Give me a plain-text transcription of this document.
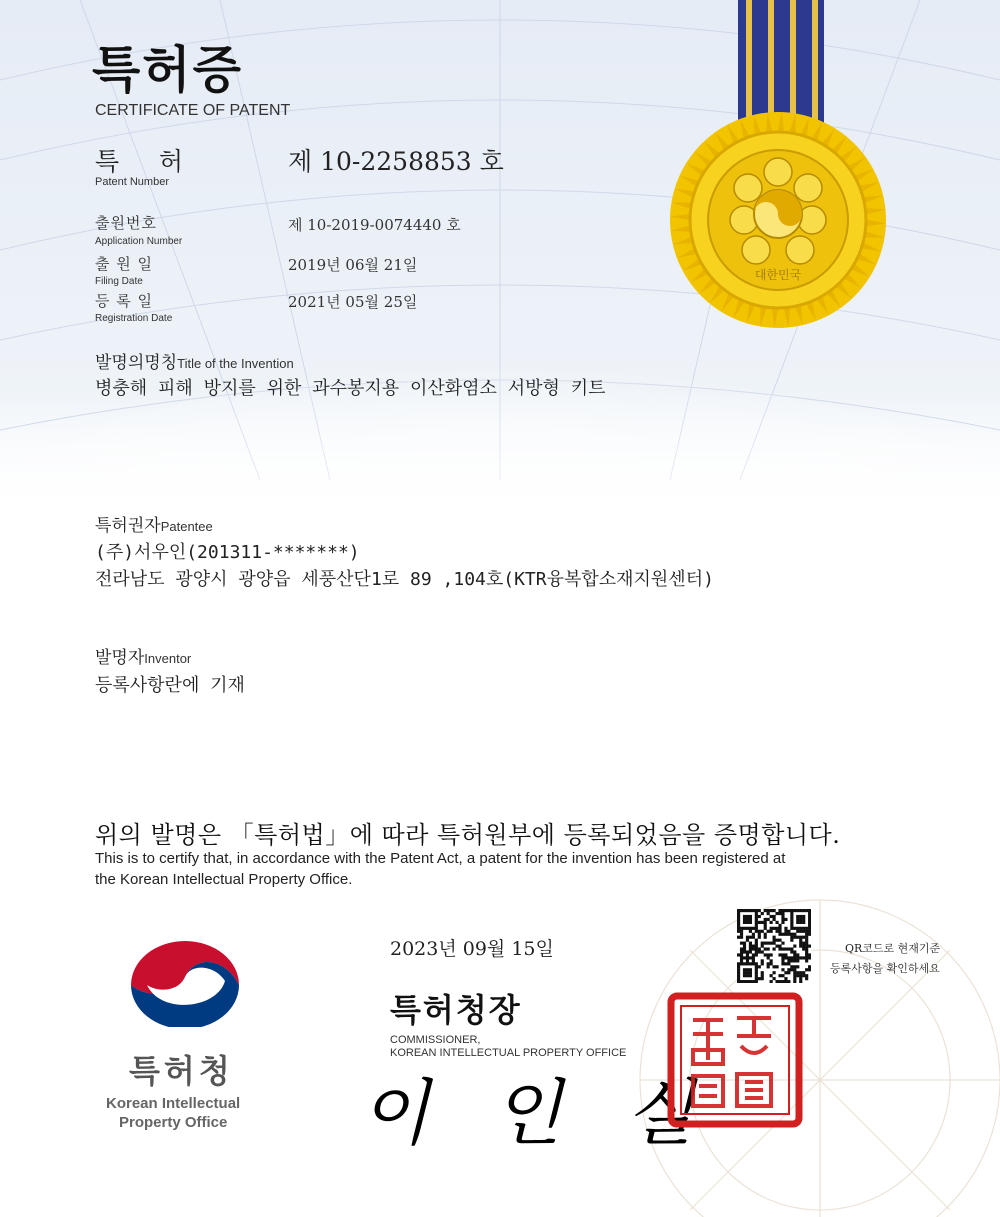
특허증
CERTIFICATE OF PATENT
특     허
Patent Number
제 10-2258853 호
출원번호
Application Number
제 10-2019-0074440 호
출 원 일
Filing Date
2019년 06월 21일
등 록 일
Registration Date
2021년 05월 25일
발명의명칭Title of the Invention
병충해 피해 방지를 위한 과수봉지용 이산화염소 서방형 키트
특허권자Patentee
(주)서우인(201311-*******)
전라남도 광양시 광양읍 세풍산단1로 89 ,104호(KTR융복합소재지원센터)
발명자Inventor
등록사항란에 기재
위의 발명은 「특허법」에 따라 특허원부에 등록되었음을 증명합니다.
This is to certify that, in accordance with the Patent Act, a patent for the invention has been registered at
the Korean Intellectual Property Office.
2023년 09월 15일
특허청장
COMMISSIONER,
KOREAN INTELLECTUAL PROPERTY OFFICE
이 인 실
대한민국
QR코드로 현재기준
등록사항을 확인하세요
특허청
Korean Intellectual
Property Office
